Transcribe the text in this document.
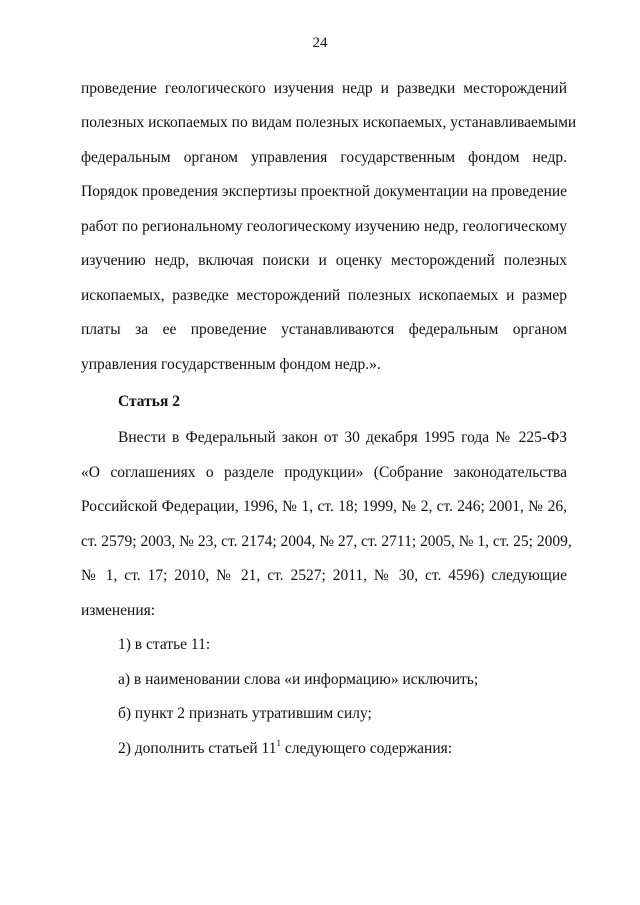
24
проведение геологического изучения недр и разведки месторождений
полезных ископаемых по видам полезных ископаемых, устанавливаемыми
федеральным органом управления государственным фондом недр.
Порядок проведения экспертизы проектной документации на проведение
работ по региональному геологическому изучению недр, геологическому
изучению недр, включая поиски и оценку месторождений полезных
ископаемых, разведке месторождений полезных ископаемых и размер
платы за ее проведение устанавливаются федеральным органом
управления государственным фондом недр.».
Статья 2
Внести в Федеральный закон от 30 декабря 1995 года № 225-ФЗ
«О соглашениях о разделе продукции» (Собрание законодательства
Российской Федерации, 1996, № 1, ст. 18; 1999, № 2, ст. 246; 2001, № 26,
ст. 2579; 2003, № 23, ст. 2174; 2004, № 27, ст. 2711; 2005, № 1, ст. 25; 2009,
№ 1, ст. 17; 2010, № 21, ст. 2527; 2011, № 30, ст. 4596) следующие
изменения:
1) в статье 11:
а) в наименовании слова «и информацию» исключить;
б) пункт 2 признать утратившим силу;
2) дополнить статьей $11^1$ следующего содержания:
